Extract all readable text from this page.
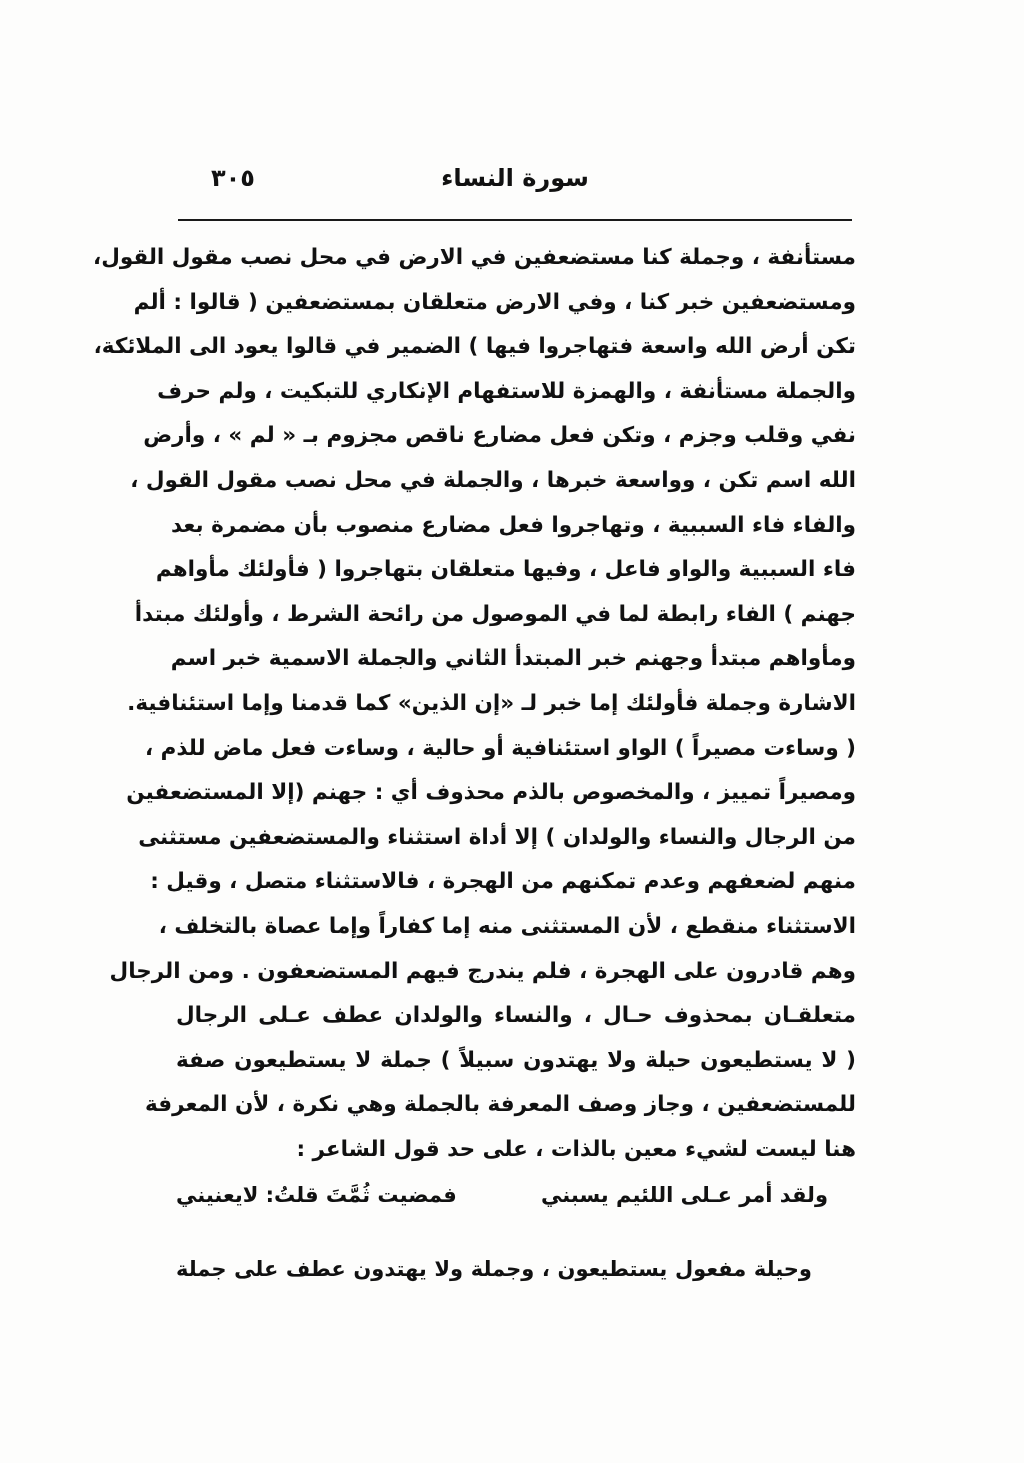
سورة النساء
٣٠٥
مستأنفة ، وجملة كنا مستضعفين في الارض في محل نصب مقول القول،
ومستضعفين خبر كنا ، وفي الارض متعلقان بمستضعفين ( قالوا : ألم
تكن أرض الله واسعة فتهاجروا فيها ) الضمير في قالوا يعود الى الملائكة،
والجملة مستأنفة ، والهمزة للاستفهام الإنكاري للتبكيت ، ولم حرف
نفي وقلب وجزم ، وتكن فعل مضارع ناقص مجزوم بـ « لم » ، وأرض
الله اسم تكن ، وواسعة خبرها ، والجملة في محل نصب مقول القول ،
والفاء فاء السببية ، وتهاجروا فعل مضارع منصوب بأن مضمرة بعد
فاء السببية والواو فاعل ، وفيها متعلقان بتهاجروا ( فأولئك مأواهم
جهنم ) الفاء رابطة لما في الموصول من رائحة الشرط ، وأولئك مبتدأ
ومأواهم مبتدأ وجهنم خبر المبتدأ الثاني والجملة الاسمية خبر اسم
الاشارة وجملة فأولئك إما خبر لـ «إن الذين» كما قدمنا وإما استئنافية.
( وساءت مصيراً ) الواو استئنافية أو حالية ، وساءت فعل ماض للذم ،
ومصيراً تمييز ، والمخصوص بالذم محذوف أي : جهنم (إلا المستضعفين
من الرجال والنساء والولدان ) إلا أداة استثناء والمستضعفين مستثنى
منهم لضعفهم وعدم تمكنهم من الهجرة ، فالاستثناء متصل ، وقيل :
الاستثناء منقطع ، لأن المستثنى منه إما كفاراً وإما عصاة بالتخلف ،
وهم قادرون على الهجرة ، فلم يندرج فيهم المستضعفون . ومن الرجال
متعلقـان بمحذوف حـال ، والنساء والولدان عطف عـلى الرجال
( لا يستطيعون حيلة ولا يهتدون سبيلاً ) جملة لا يستطيعون صفة
للمستضعفين ، وجاز وصف المعرفة بالجملة وهي نكرة ، لأن المعرفة
هنا ليست لشيء معين بالذات ، على حد قول الشاعر :
ولقد أمر عـلى اللئيم يسبني
فمضيت ثُمَّتَ قلتُ: لايعنيني
وحيلة مفعول يستطيعون ، وجملة ولا يهتدون عطف على جملة
